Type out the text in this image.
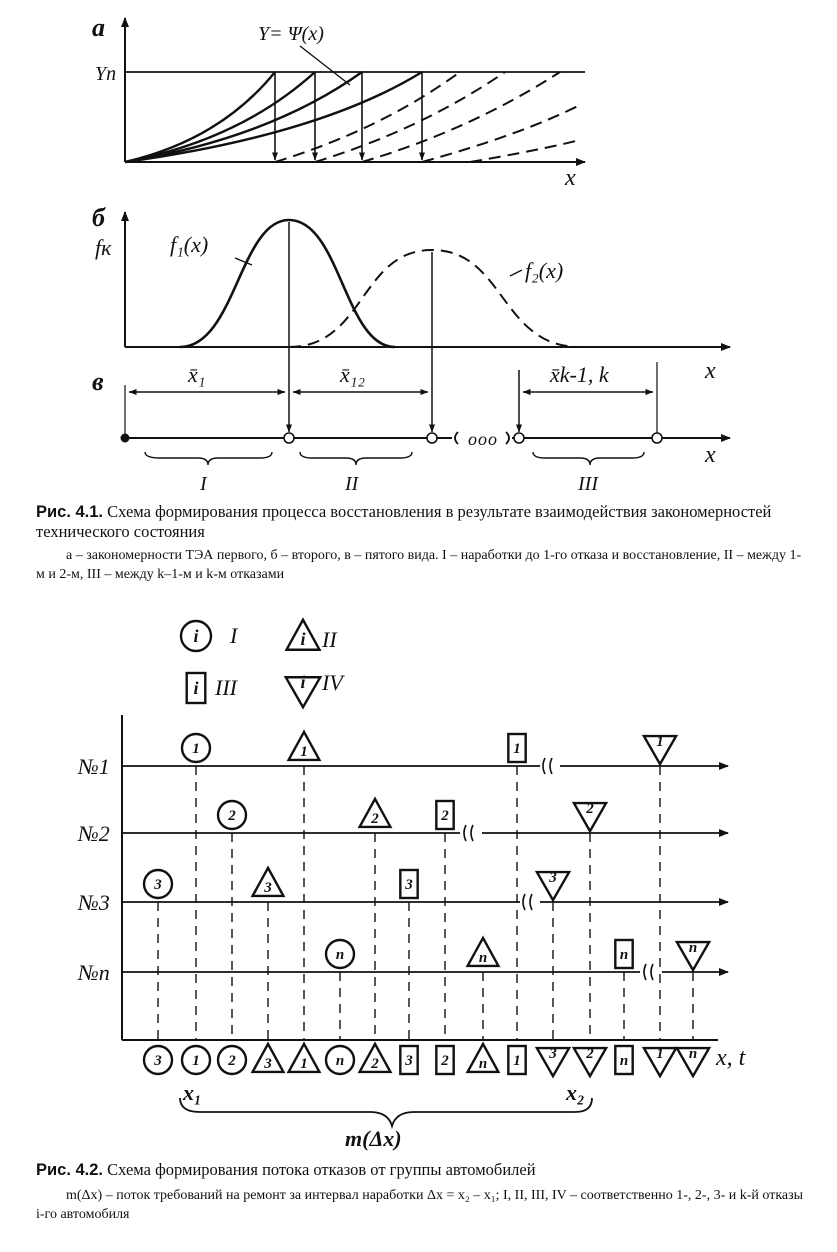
а
Yп
Y= Ψ(x)
x
б
fк	f₁(x)
f₂(x)
x
в	x̄₁	x̄₁₂	x̄k-1, k
ooo
x
I	II	III
3
1
2
3
1
n
2
3
2
n
1
3
2
n
1
n
3 1 2 3 1 n 2 3 2 n 1 3 2 n 1 n
i I	i II
i III	i IV
№1
№2
№3
№n
x, t
x₁	x₂
m(Δx)
Рис. 4.1. Схема формирования процесса восстановления в результате взаимодействия закономерностей технического состояния
а – закономерности ТЭА первого, б – второго, в – пятого вида. I – наработки до 1-го отказа и восстановление, II – между 1-м и 2-м, III – между k–1-м и k-м отказами
Рис. 4.2. Схема формирования потока отказов от группы автомобилей
m(Δx) – поток требований на ремонт за интервал наработки Δx = x₂ – x₁; I, II, III, IV – соответственно 1-, 2-, 3- и k-й отказы i-го автомобиля
